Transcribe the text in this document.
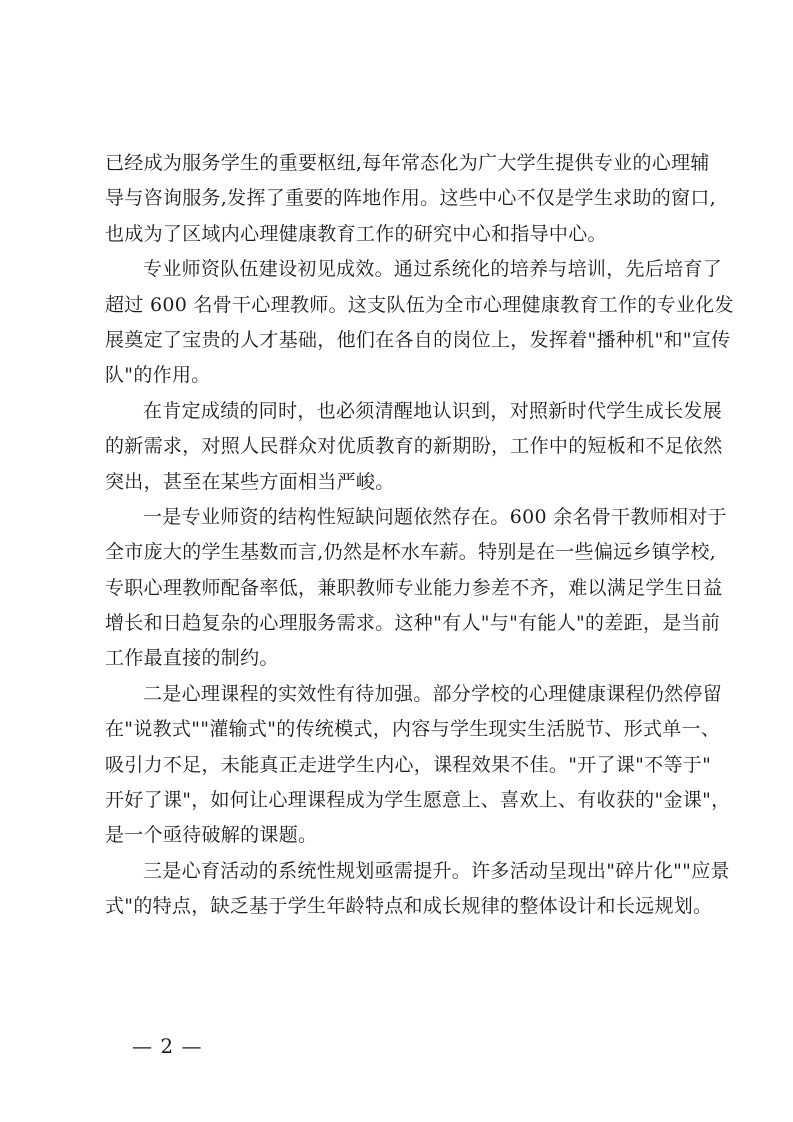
已经成为服务学生的重要枢纽,每年常态化为广大学生提供专业的心理辅
导与咨询服务,发挥了重要的阵地作用。这些中心不仅是学生求助的窗口,
也成为了区域内心理健康教育工作的研究中心和指导中心。
专业师资队伍建设初见成效。通过系统化的培养与培训，先后培育了
超过 600 名骨干心理教师。这支队伍为全市心理健康教育工作的专业化发
展奠定了宝贵的人才基础，他们在各自的岗位上，发挥着"播种机"和"宣传
队"的作用。
在肯定成绩的同时，也必须清醒地认识到，对照新时代学生成长发展
的新需求，对照人民群众对优质教育的新期盼，工作中的短板和不足依然
突出，甚至在某些方面相当严峻。
一是专业师资的结构性短缺问题依然存在。600 余名骨干教师相对于
全市庞大的学生基数而言,仍然是杯水车薪。特别是在一些偏远乡镇学校,
专职心理教师配备率低，兼职教师专业能力参差不齐，难以满足学生日益
增长和日趋复杂的心理服务需求。这种"有人"与"有能人"的差距，是当前
工作最直接的制约。
二是心理课程的实效性有待加强。部分学校的心理健康课程仍然停留
在"说教式""灌输式"的传统模式，内容与学生现实生活脱节、形式单一、
吸引力不足，未能真正走进学生内心，课程效果不佳。"开了课"不等于"
开好了课"，如何让心理课程成为学生愿意上、喜欢上、有收获的"金课"，
是一个亟待破解的课题。
三是心育活动的系统性规划亟需提升。许多活动呈现出"碎片化""应景
式"的特点，缺乏基于学生年龄特点和成长规律的整体设计和长远规划。
— 2 —
